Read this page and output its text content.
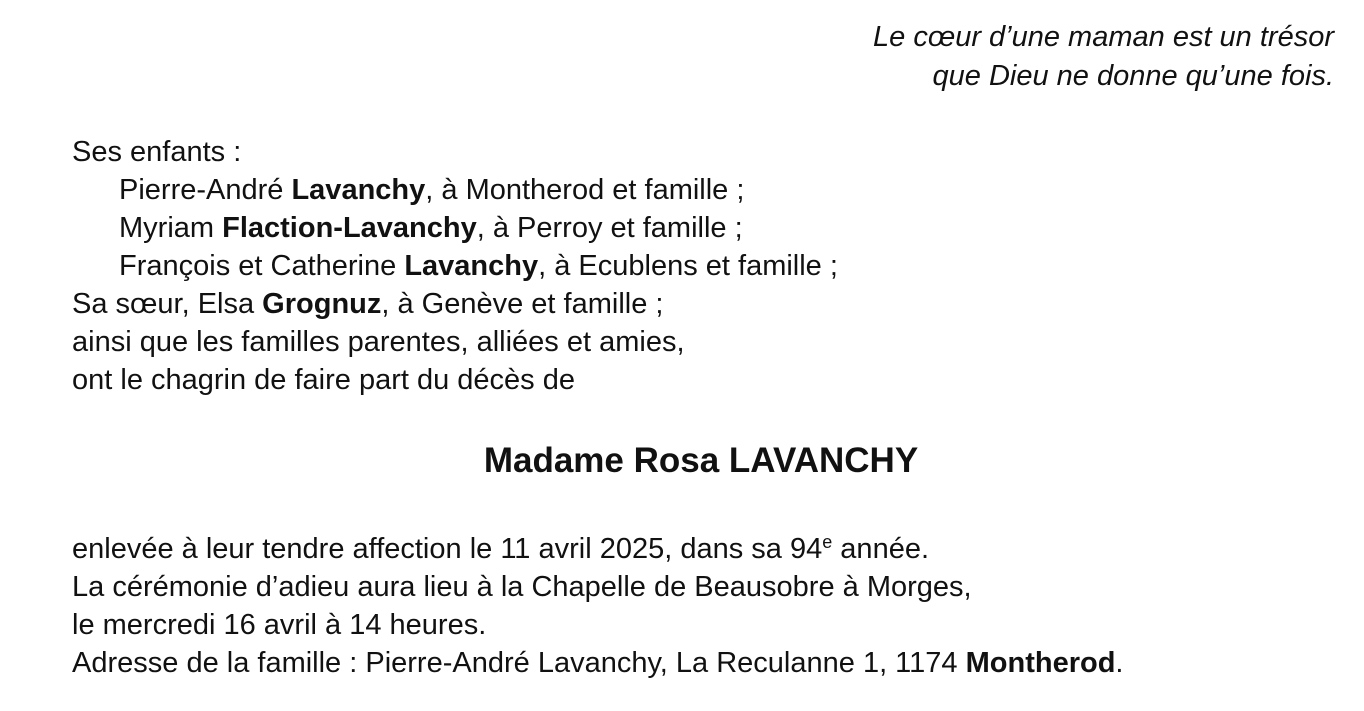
Le cœur d’une maman est un trésor
que Dieu ne donne qu’une fois.
Ses enfants :
Pierre-André Lavanchy, à Montherod et famille ;
Myriam Flaction-Lavanchy, à Perroy et famille ;
François et Catherine Lavanchy, à Ecublens et famille ;
Sa sœur, Elsa Grognuz, à Genève et famille ;
ainsi que les familles parentes, alliées et amies,
ont le chagrin de faire part du décès de
Madame Rosa LAVANCHY
enlevée à leur tendre affection le 11 avril 2025, dans sa 94e année.
La cérémonie d’adieu aura lieu à la Chapelle de Beausobre à Morges,
le mercredi 16 avril à 14 heures.
Adresse de la famille : Pierre-André Lavanchy, La Reculanne 1, 1174 Montherod.
